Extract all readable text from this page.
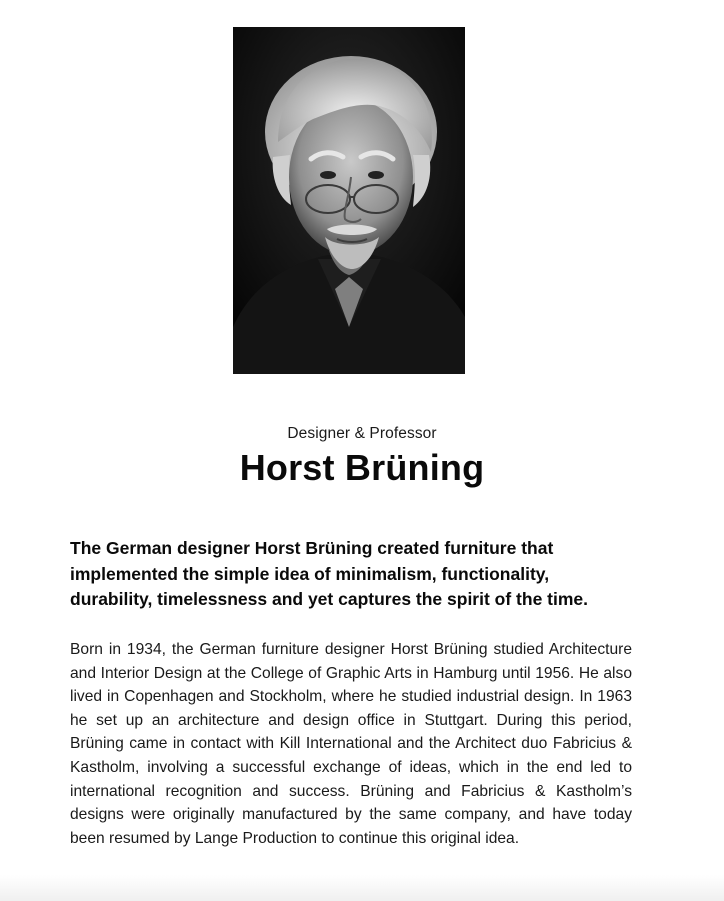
Designer & Professor
Horst Brüning
The German designer Horst Brüning created furniture that implemented the simple idea of minimalism, functionality, durability, timelessness and yet captures the spirit of the time.
Born in 1934, the German furniture designer Horst Brüning studied Architecture and Interior Design at the College of Graphic Arts in Hamburg until 1956. He also lived in Copenhagen and Stockholm, where he studied industrial design. In 1963 he set up an architecture and design office in Stuttgart. During this period, Brüning came in contact with Kill International and the Architect duo Fabricius & Kastholm, involving a successful exchange of ideas, which in the end led to international recognition and success. Brüning and Fabricius & Kastholm’s designs were originally manufactured by the same company, and have today been resumed by Lange Production to continue this original idea.
